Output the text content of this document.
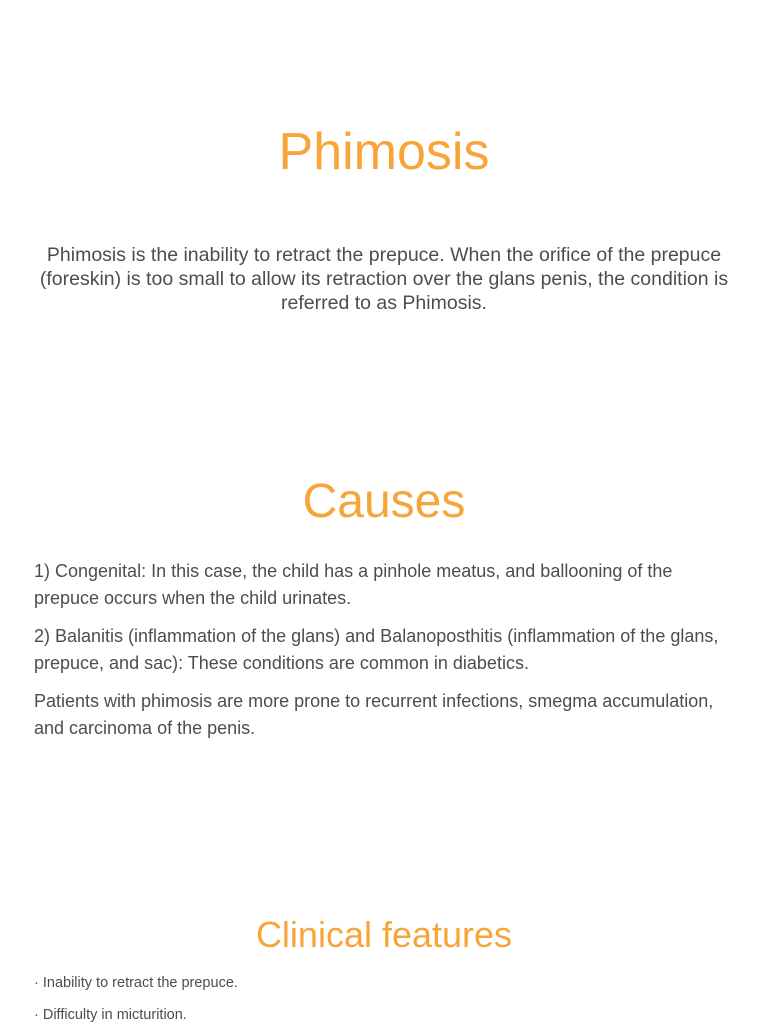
Phimosis

Phimosis is the inability to retract the prepuce. When the orifice of the prepuce (foreskin) is too small to allow its retraction over the glans penis, the condition is referred to as Phimosis.

Causes

1) Congenital: In this case, the child has a pinhole meatus, and ballooning of the prepuce occurs when the child urinates.

2) Balanitis (inflammation of the glans) and Balanoposthitis (inflammation of the glans, prepuce, and sac): These conditions are common in diabetics.

Patients with phimosis are more prone to recurrent infections, smegma accumulation, and carcinoma of the penis.

Clinical features

· Inability to retract the prepuce.

· Difficulty in micturition.
